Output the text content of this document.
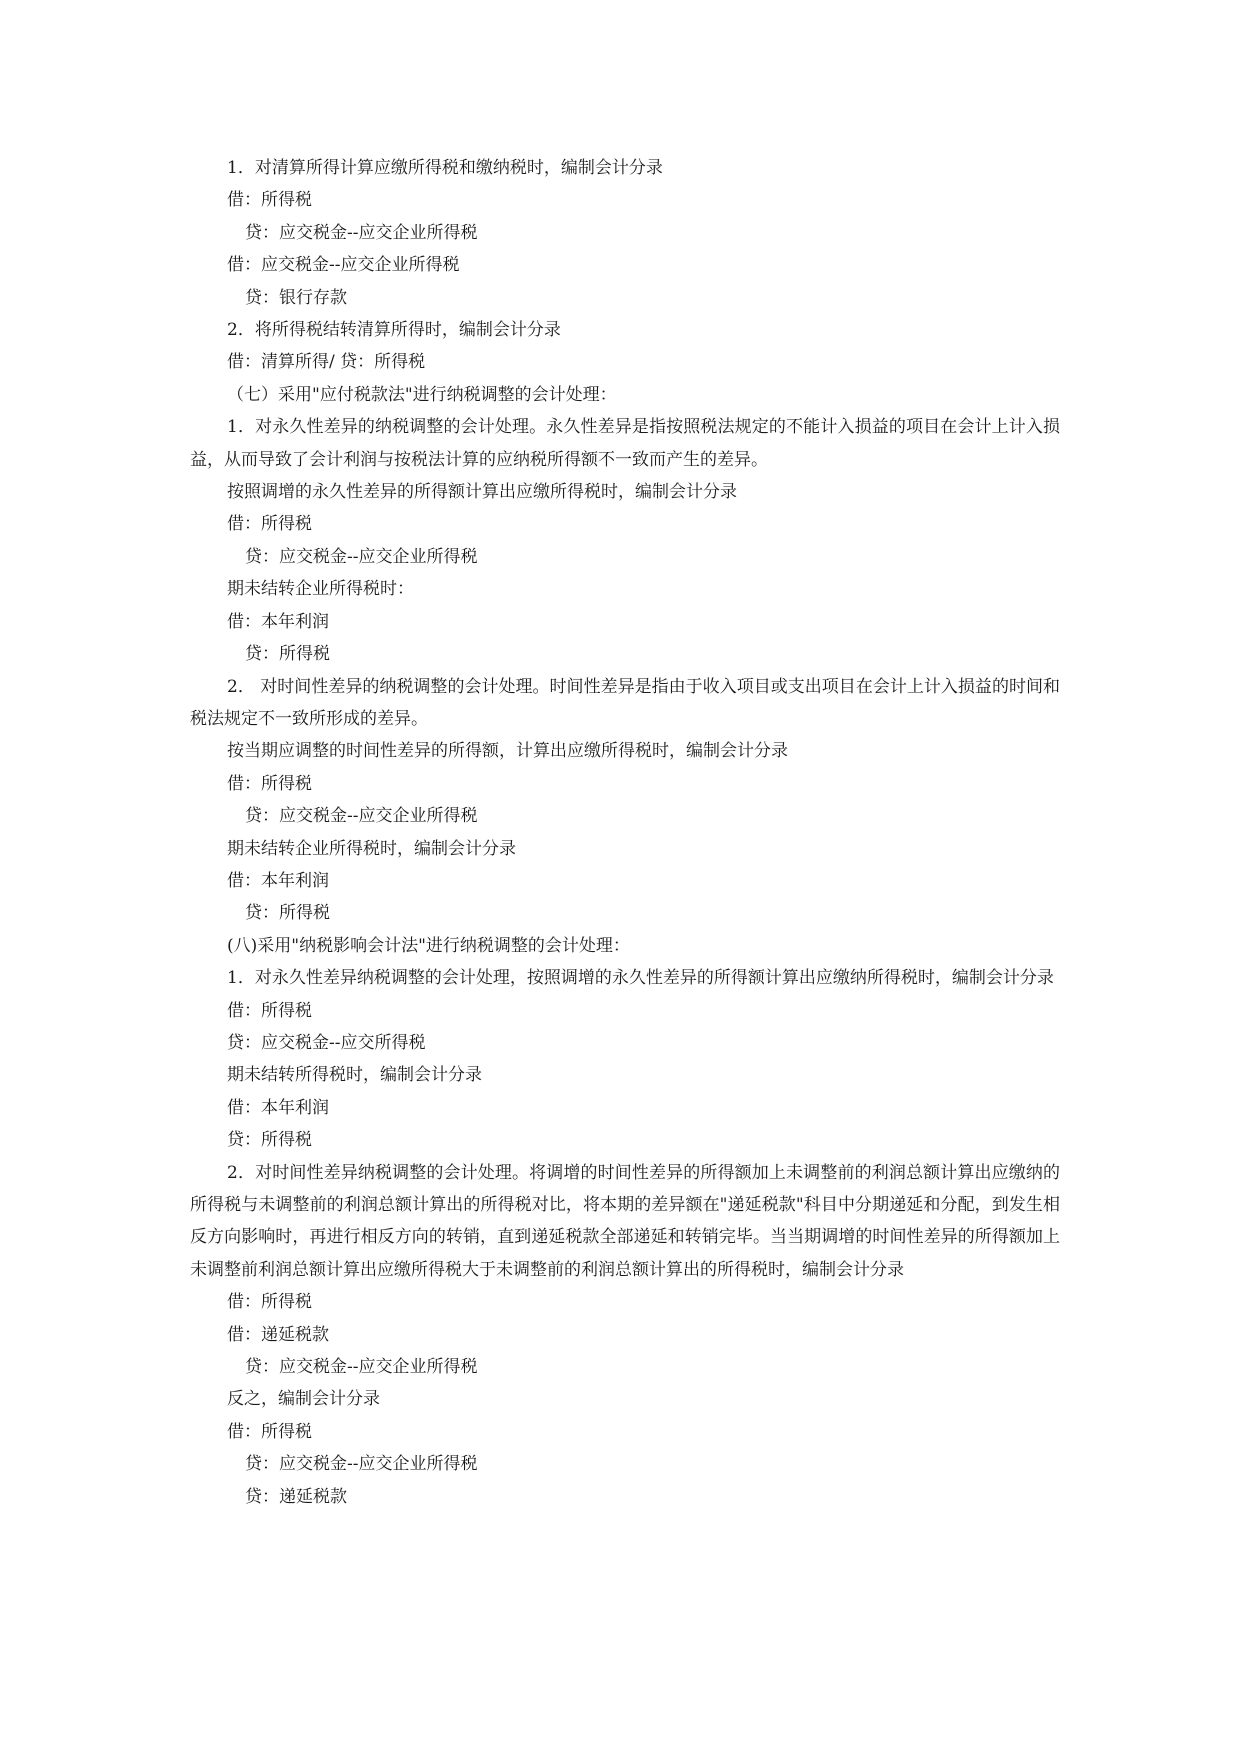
1．对清算所得计算应缴所得税和缴纳税时，编制会计分录

借：所得税

贷：应交税金--应交企业所得税

借：应交税金--应交企业所得税

贷：银行存款

2．将所得税结转清算所得时，编制会计分录

借：清算所得/ 贷：所得税

（七）采用"应付税款法"进行纳税调整的会计处理：

1．对永久性差异的纳税调整的会计处理。永久性差异是指按照税法规定的不能计入损益的项目在会计上计入损益，从而导致了会计利润与按税法计算的应纳税所得额不一致而产生的差异。

按照调增的永久性差异的所得额计算出应缴所得税时，编制会计分录

借：所得税

贷：应交税金--应交企业所得税

期未结转企业所得税时：

借：本年利润

贷：所得税

2． 对时间性差异的纳税调整的会计处理。时间性差异是指由于收入项目或支出项目在会计上计入损益的时间和税法规定不一致所形成的差异。

按当期应调整的时间性差异的所得额，计算出应缴所得税时，编制会计分录

借：所得税

贷：应交税金--应交企业所得税

期未结转企业所得税时，编制会计分录

借：本年利润

贷：所得税

(八)采用"纳税影响会计法"进行纳税调整的会计处理：

1．对永久性差异纳税调整的会计处理，按照调增的永久性差异的所得额计算出应缴纳所得税时，编制会计分录

借：所得税

贷：应交税金--应交所得税

期未结转所得税时，编制会计分录

借：本年利润

贷：所得税

2．对时间性差异纳税调整的会计处理。将调增的时间性差异的所得额加上未调整前的利润总额计算出应缴纳的所得税与未调整前的利润总额计算出的所得税对比，将本期的差异额在"递延税款"科目中分期递延和分配，到发生相反方向影响时，再进行相反方向的转销，直到递延税款全部递延和转销完毕。当当期调增的时间性差异的所得额加上未调整前利润总额计算出应缴所得税大于未调整前的利润总额计算出的所得税时，编制会计分录

借：所得税

借：递延税款

贷：应交税金--应交企业所得税

反之，编制会计分录

借：所得税

贷：应交税金--应交企业所得税

贷：递延税款
